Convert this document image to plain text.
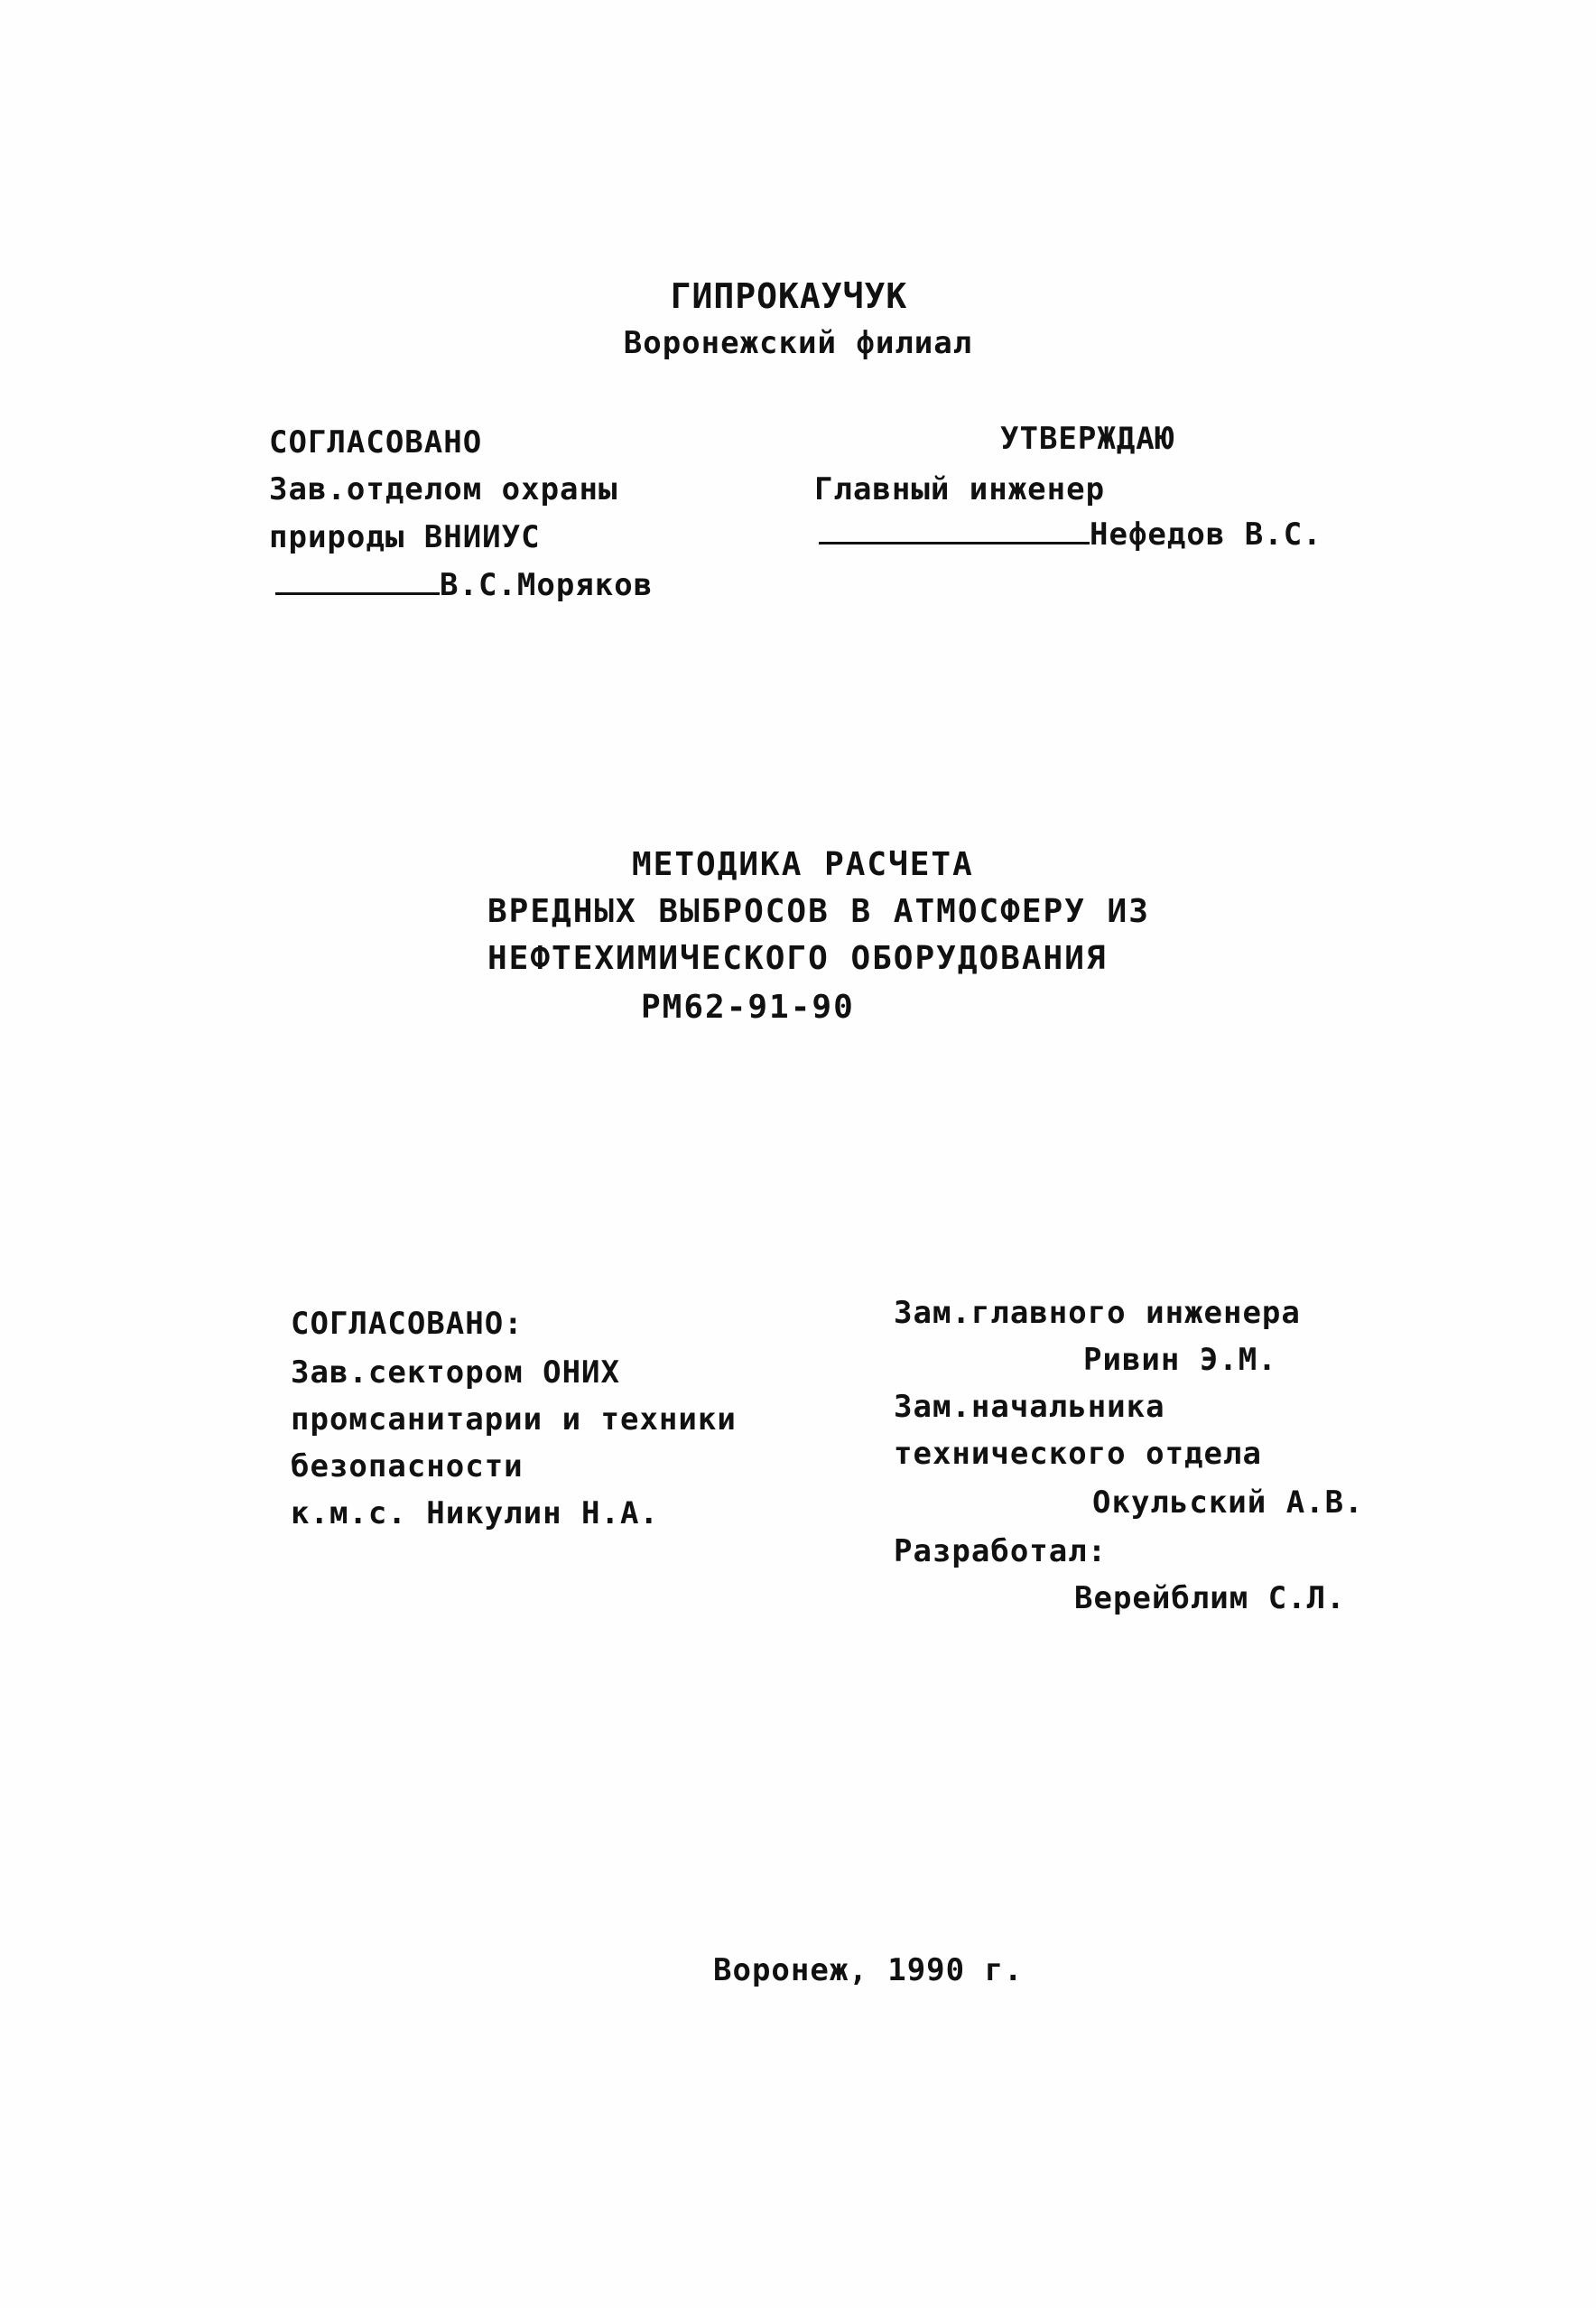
ГИПРОКАУЧУК
Воронежский филиал
СОГЛАСОВАНО
Зав.отделом охраны
природы ВНИИУС
В.С.Моряков
УТВЕРЖДАЮ
Главный инженер
Нефедов В.С.
МЕТОДИКА РАСЧЕТА
ВРЕДНЫХ ВЫБРОСОВ В АТМОСФЕРУ ИЗ
НЕФТЕХИМИЧЕСКОГО ОБОРУДОВАНИЯ
РМ62-91-90
СОГЛАСОВАНО:
Зав.сектором ОНИХ
промсанитарии и техники
безопасности
к.м.с. Никулин Н.А.
Зам.главного инженера
Ривин Э.М.
Зам.начальника
технического отдела
Окульский А.В.
Разработал:
Верейблим С.Л.
Воронеж, 1990 г.
